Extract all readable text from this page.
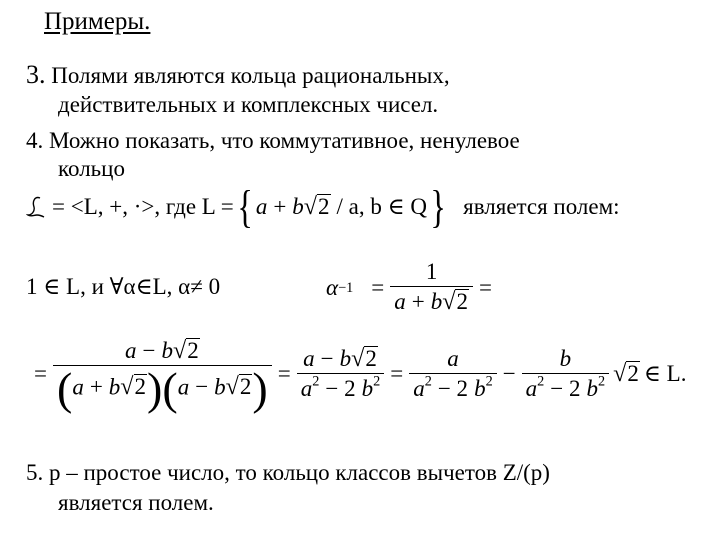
Примеры.
3. Полями являются кольца рациональных,
действительных и комплексных чисел.
4. Можно показать, что коммутативное, ненулевое
кольцо
= <L, +, ·>, где L = { a + b √ 2 / a, b ∈ Q } является полем:
1 ∈ L, и ∀α∈L, α≠ 0	$\alpha -1 = \frac{1}{a + b √ 2}$ =
= $\frac{a - b √ 2}{(a + b √ 2 )(a - b √ 2 )} = \frac{a - b √ 2}{a^2 - 2 b^2} = \frac{a}{a^2 - 2 b^2} - \frac{b}{a^2 - 2 b^2}$ √ 2 ∈ L.
5. p – простое число, то кольцо классов вычетов Z/(p)
является полем.
